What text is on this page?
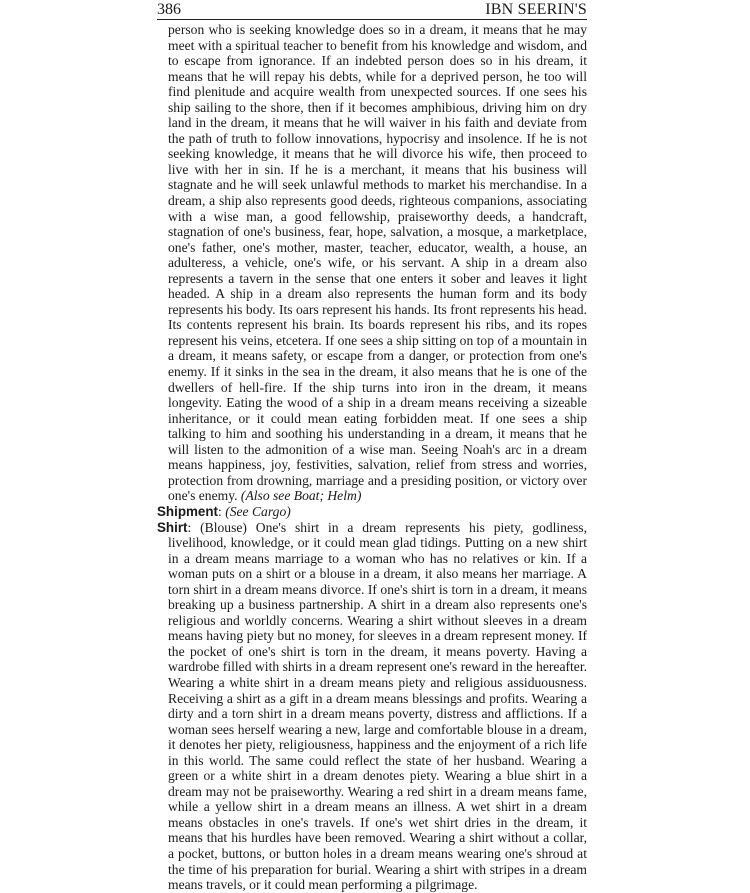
386	IBN SEERIN'S

person who is seeking knowledge does so in a dream, it means that he may meet with a spiritual teacher to benefit from his knowledge and wisdom, and to escape from ignorance. If an indebted person does so in his dream, it means that he will repay his debts, while for a deprived person, he too will find plenitude and acquire wealth from unexpected sources. If one sees his ship sailing to the shore, then if it becomes amphibious, driving him on dry land in the dream, it means that he will waiver in his faith and deviate from the path of truth to follow innovations, hypocrisy and insolence. If he is not seeking knowledge, it means that he will divorce his wife, then proceed to live with her in sin. If he is a merchant, it means that his business will stagnate and he will seek unlawful methods to market his merchandise. In a dream, a ship also represents good deeds, righteous companions, associating with a wise man, a good fellowship, praiseworthy deeds, a handcraft, stagnation of one's business, fear, hope, salvation, a mosque, a marketplace, one's father, one's mother, master, teacher, educator, wealth, a house, an adulteress, a vehicle, one's wife, or his servant. A ship in a dream also represents a tavern in the sense that one enters it sober and leaves it light headed. A ship in a dream also represents the human form and its body represents his body. Its oars represent his hands. Its front represents his head. Its contents represent his brain. Its boards represent his ribs, and its ropes represent his veins, etcetera. If one sees a ship sitting on top of a mountain in a dream, it means safety, or escape from a danger, or protection from one's enemy. If it sinks in the sea in the dream, it also means that he is one of the dwellers of hell-fire. If the ship turns into iron in the dream, it means longevity. Eating the wood of a ship in a dream means receiving a sizeable inheritance, or it could mean eating forbidden meat. If one sees a ship talking to him and soothing his understanding in a dream, it means that he will listen to the admonition of a wise man. Seeing Noah's arc in a dream means happiness, joy, festivities, salvation, relief from stress and worries, protection from drowning, marriage and a presiding position, or victory over one's enemy. (Also see Boat; Helm)

Shipment: (See Cargo)

Shirt: (Blouse) One's shirt in a dream represents his piety, godliness, livelihood, knowledge, or it could mean glad tidings. Putting on a new shirt in a dream means marriage to a woman who has no relatives or kin. If a woman puts on a shirt or a blouse in a dream, it also means her marriage. A torn shirt in a dream means divorce. If one's shirt is torn in a dream, it means breaking up a business partnership. A shirt in a dream also represents one's religious and worldly concerns. Wearing a shirt without sleeves in a dream means having piety but no money, for sleeves in a dream represent money. If the pocket of one's shirt is torn in the dream, it means poverty. Having a wardrobe filled with shirts in a dream represent one's reward in the hereafter. Wearing a white shirt in a dream means piety and religious assiduousness. Receiving a shirt as a gift in a dream means blessings and profits. Wearing a dirty and a torn shirt in a dream means poverty, distress and afflictions. If a woman sees herself wearing a new, large and comfortable blouse in a dream, it denotes her piety, religiousness, happiness and the enjoyment of a rich life in this world. The same could reflect the state of her husband. Wearing a green or a white shirt in a dream denotes piety. Wearing a blue shirt in a dream may not be praiseworthy. Wearing a red shirt in a dream means fame, while a yellow shirt in a dream means an illness. A wet shirt in a dream means obstacles in one's travels. If one's wet shirt dries in the dream, it means that his hurdles have been removed. Wearing a shirt without a collar, a pocket, buttons, or button holes in a dream means wearing one's shroud at the time of his preparation for burial. Wearing a shirt with stripes in a dream means travels, or it could mean performing a pilgrimage.
